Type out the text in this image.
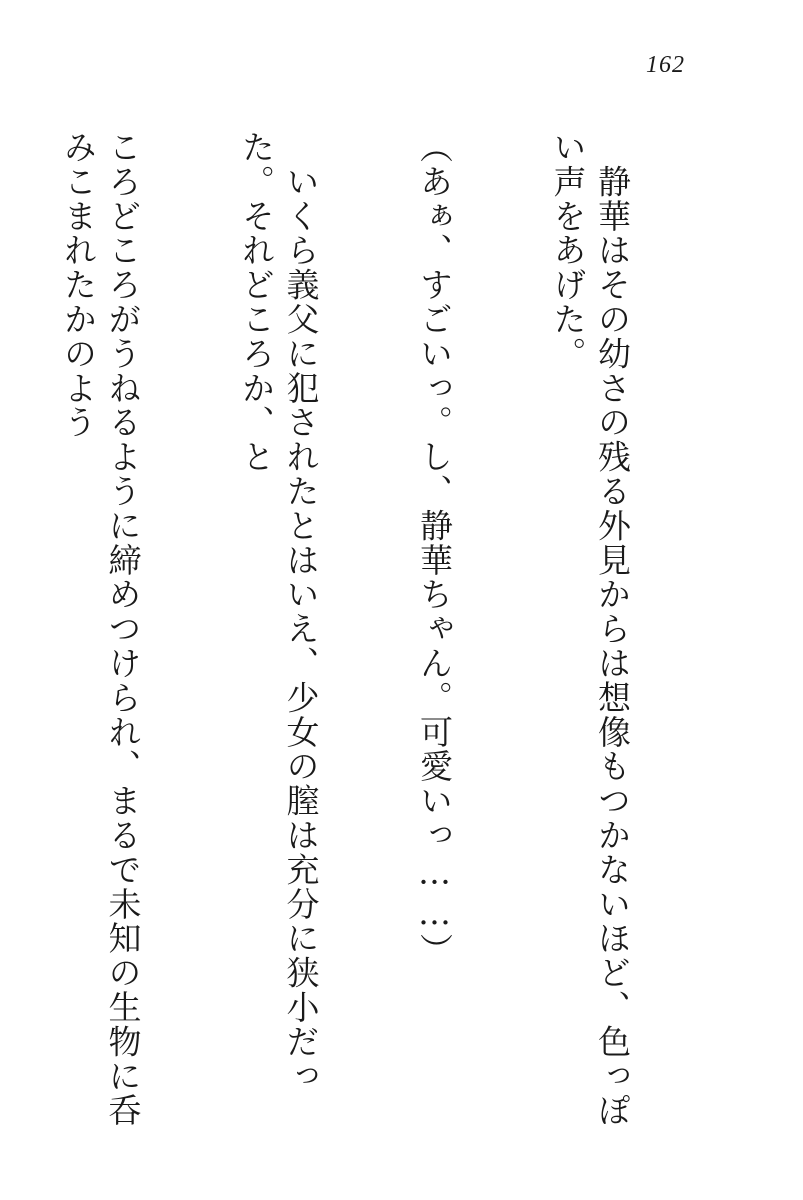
162

　静華はその幼さの残る外見からは想像もつかないほど、色っぽい声をあげた。

（あぁ、すごいっ。し、静華ちゃん。可愛いっ……）

　いくら義父に犯されたとはいえ、少女の膣は充分に狭小だった。それどころか、と

ころどころがうねるように締めつけられ、まるで未知の生物に呑みこまれたかのよう
